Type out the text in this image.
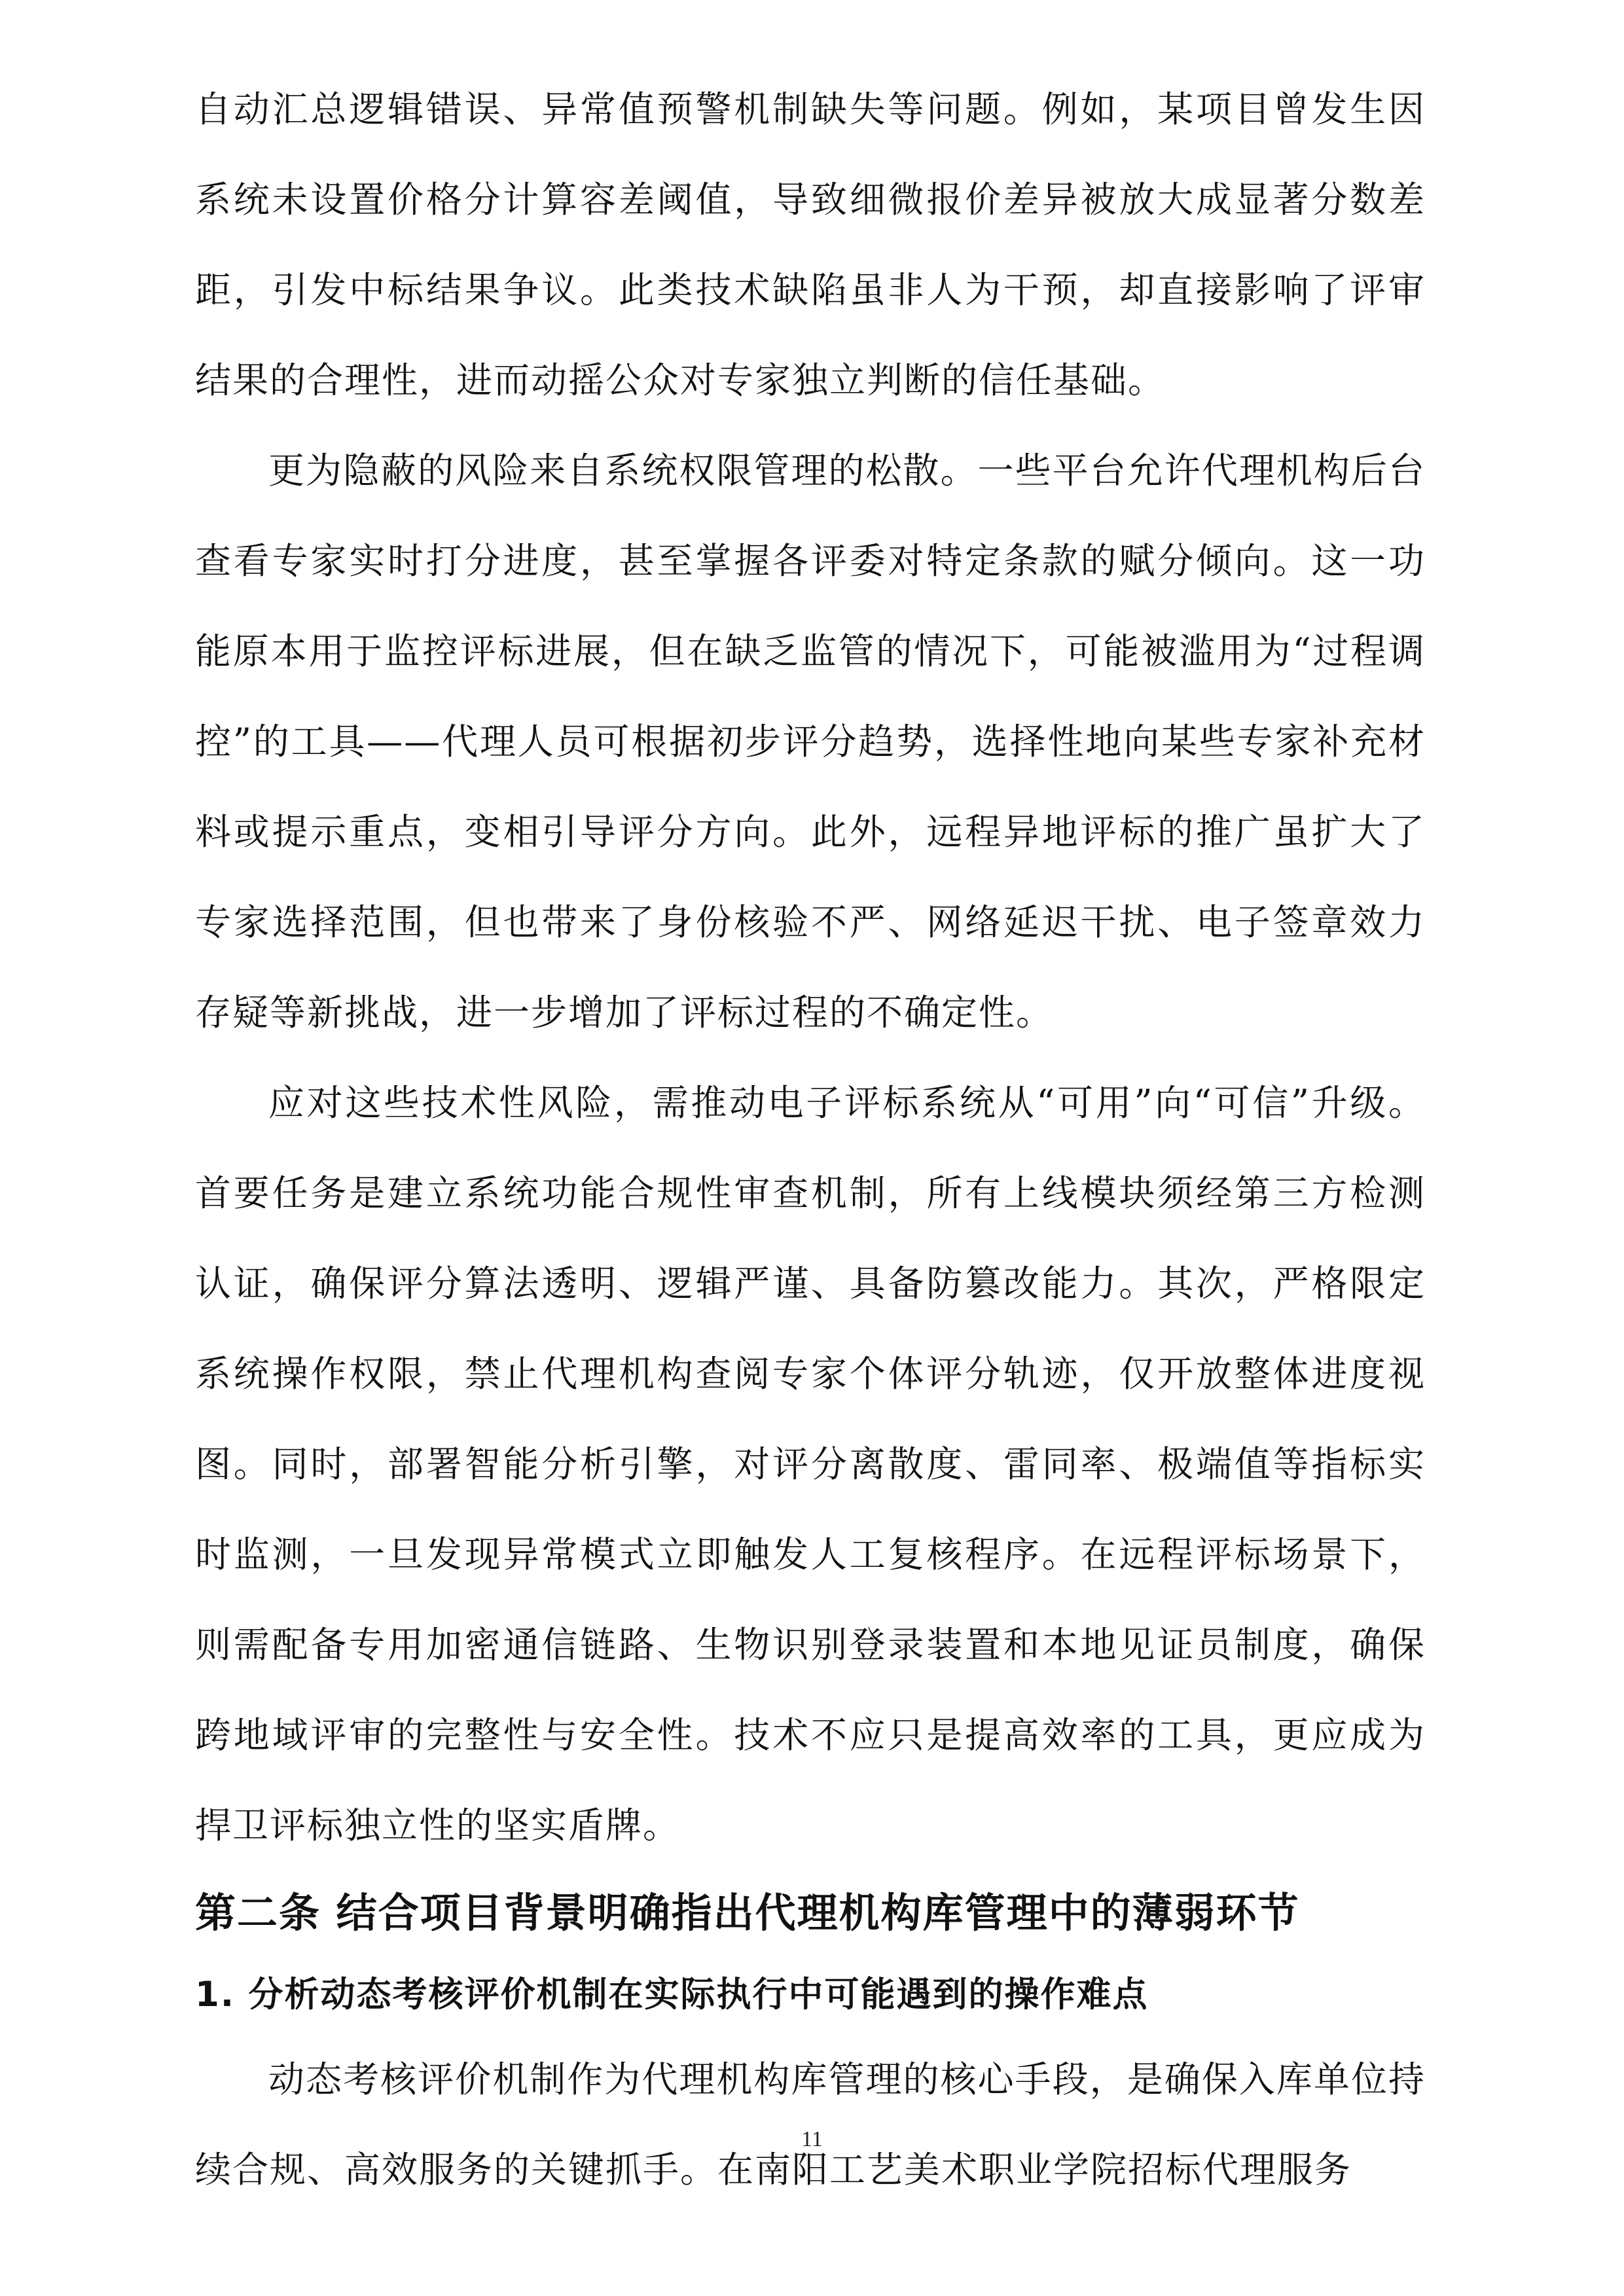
自动汇总逻辑错误、异常值预警机制缺失等问题。例如，某项目曾发生因系统未设置价格分计算容差阈值，导致细微报价差异被放大成显著分数差距，引发中标结果争议。此类技术缺陷虽非人为干预，却直接影响了评审结果的合理性，进而动摇公众对专家独立判断的信任基础。

更为隐蔽的风险来自系统权限管理的松散。一些平台允许代理机构后台查看专家实时打分进度，甚至掌握各评委对特定条款的赋分倾向。这一功能原本用于监控评标进展，但在缺乏监管的情况下，可能被滥用为“过程调控”的工具——代理人员可根据初步评分趋势，选择性地向某些专家补充材料或提示重点，变相引导评分方向。此外，远程异地评标的推广虽扩大了专家选择范围，但也带来了身份核验不严、网络延迟干扰、电子签章效力存疑等新挑战，进一步增加了评标过程的不确定性。

应对这些技术性风险，需推动电子评标系统从“可用”向“可信”升级。首要任务是建立系统功能合规性审查机制，所有上线模块须经第三方检测认证，确保评分算法透明、逻辑严谨、具备防篡改能力。其次，严格限定系统操作权限，禁止代理机构查阅专家个体评分轨迹，仅开放整体进度视图。同时，部署智能分析引擎，对评分离散度、雷同率、极端值等指标实时监测，一旦发现异常模式立即触发人工复核程序。在远程评标场景下，则需配备专用加密通信链路、生物识别登录装置和本地见证员制度，确保跨地域评审的完整性与安全性。技术不应只是提高效率的工具，更应成为捍卫评标独立性的坚实盾牌。

第二条 结合项目背景明确指出代理机构库管理中的薄弱环节
1. 分析动态考核评价机制在实际执行中可能遇到的操作难点

动态考核评价机制作为代理机构库管理的核心手段，是确保入库单位持续合规、高效服务的关键抓手。在南阳工艺美术职业学院招标代理服务

11
